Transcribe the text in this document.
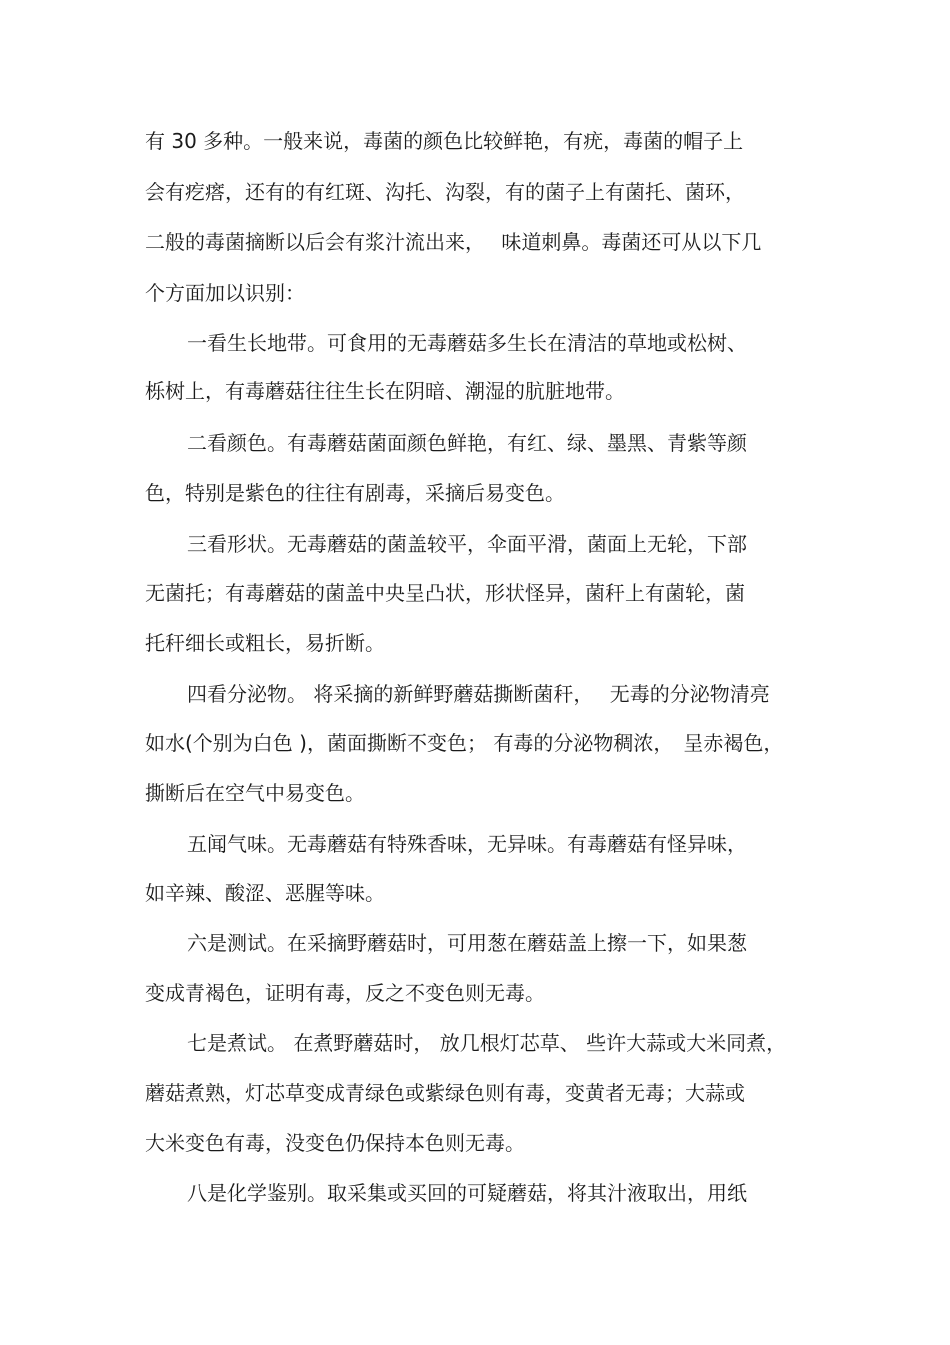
有 30 多种。一般来说，毒菌的颜色比较鲜艳，有疣，毒菌的帽子上
会有疙瘩，还有的有红斑、沟托、沟裂，有的菌子上有菌托、菌环，
二般的毒菌摘断以后会有浆汁流出来，　 味道刺鼻。毒菌还可从以下几
个方面加以识别：
一看生长地带。可食用的无毒蘑菇多生长在清洁的草地或松树、
栎树上，有毒蘑菇往往生长在阴暗、潮湿的肮脏地带。
二看颜色。有毒蘑菇菌面颜色鲜艳，有红、绿、墨黑、青紫等颜
色，特别是紫色的往往有剧毒，采摘后易变色。
三看形状。无毒蘑菇的菌盖较平，伞面平滑，菌面上无轮，下部
无菌托；有毒蘑菇的菌盖中央呈凸状，形状怪异，菌秆上有菌轮，菌
托秆细长或粗长，易折断。
四看分泌物。 将采摘的新鲜野蘑菇撕断菌秆，　 无毒的分泌物清亮
如水(个别为白色 )，菌面撕断不变色； 有毒的分泌物稠浓，　呈赤褐色，
撕断后在空气中易变色。
五闻气味。无毒蘑菇有特殊香味，无异味。有毒蘑菇有怪异味，
如辛辣、酸涩、恶腥等味。
六是测试。在采摘野蘑菇时，可用葱在蘑菇盖上擦一下，如果葱
变成青褐色，证明有毒，反之不变色则无毒。
七是煮试。 在煮野蘑菇时， 放几根灯芯草、 些许大蒜或大米同煮，
蘑菇煮熟，灯芯草变成青绿色或紫绿色则有毒，变黄者无毒；大蒜或
大米变色有毒，没变色仍保持本色则无毒。
八是化学鉴别。取采集或买回的可疑蘑菇，将其汁液取出，用纸
